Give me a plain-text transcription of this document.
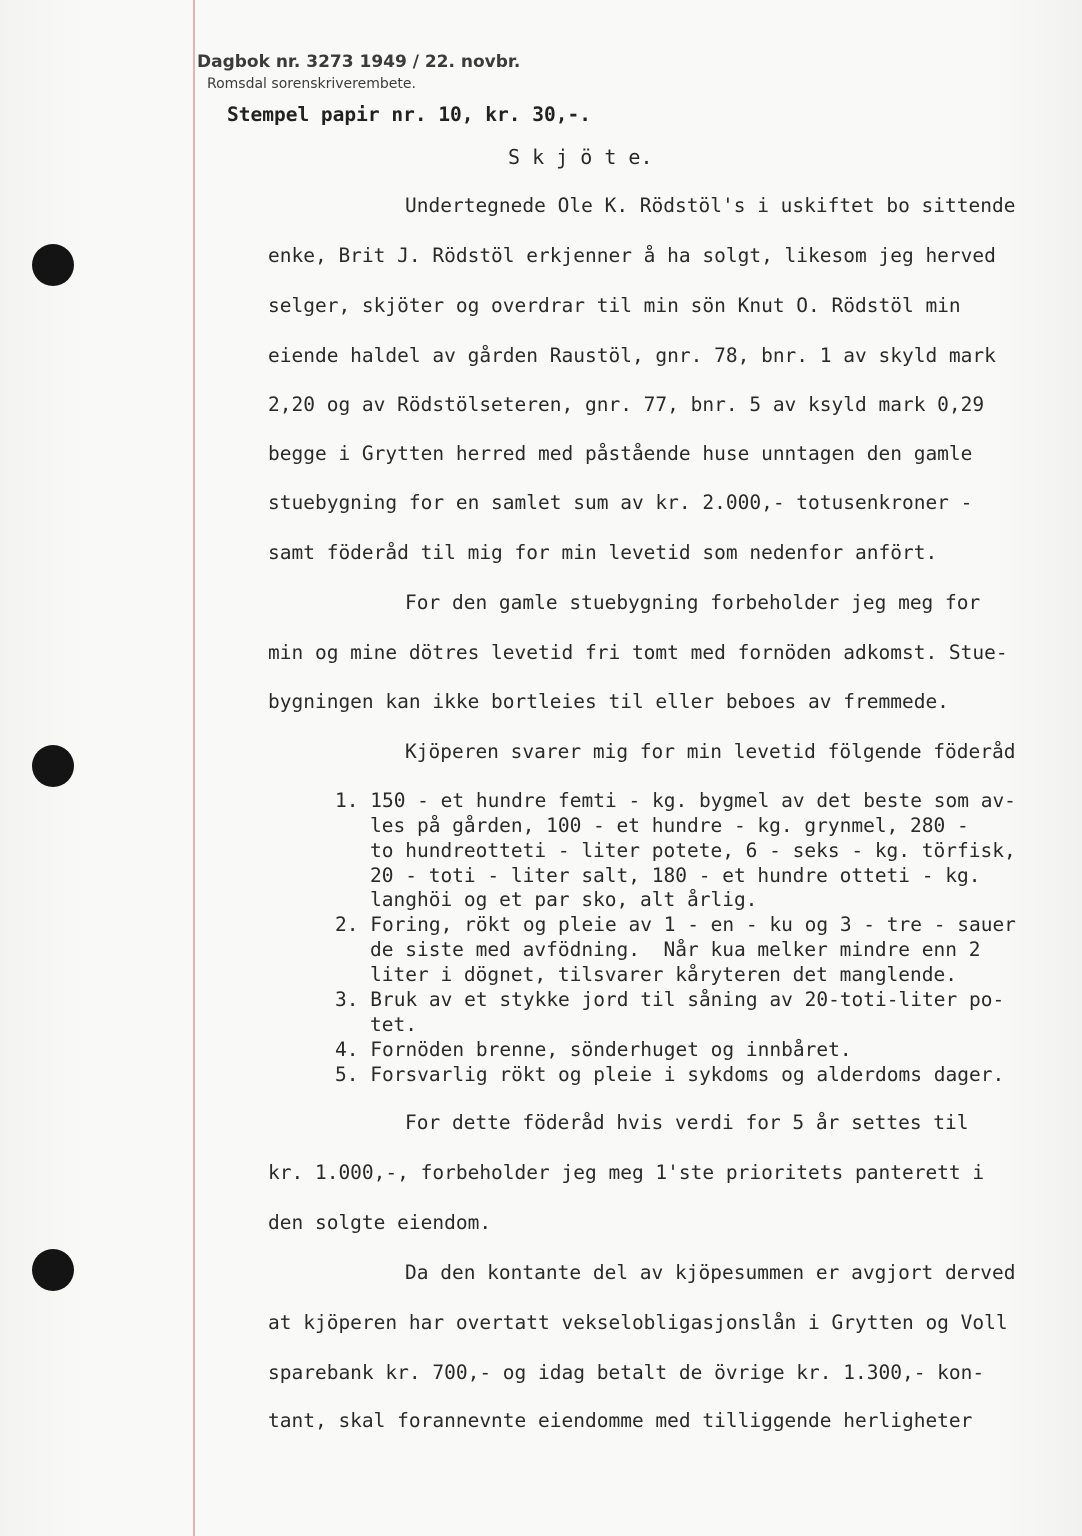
Dagbok nr. 3273 1949 / 22. novbr.
Romsdal sorenskriverembete.
Stempel papir nr. 10, kr. 30,-.
S k j ö t e.
Undertegnede Ole K. Rödstöl's i uskiftet bo sittende
enke, Brit J. Rödstöl erkjenner å ha solgt, likesom jeg herved
selger, skjöter og overdrar til min sön Knut O. Rödstöl min
eiende haldel av gården Raustöl, gnr. 78, bnr. 1 av skyld mark
2,20 og av Rödstölseteren, gnr. 77, bnr. 5 av ksyld mark 0,29
begge i Grytten herred med påstående huse unntagen den gamle
stuebygning for en samlet sum av kr. 2.000,- totusenkroner -
samt föderåd til mig for min levetid som nedenfor anfört.
For den gamle stuebygning forbeholder jeg meg for
min og mine dötres levetid fri tomt med fornöden adkomst. Stue-
bygningen kan ikke bortleies til eller beboes av fremmede.
Kjöperen svarer mig for min levetid fölgende föderåd
1. 150 - et hundre femti - kg. bygmel av det beste som av-
les på gården, 100 - et hundre - kg. grynmel, 280 -
to hundreotteti - liter potete, 6 - seks - kg. törfisk,
20 - toti - liter salt, 180 - et hundre otteti - kg.
langhöi og et par sko, alt årlig.
2. Foring, rökt og pleie av 1 - en - ku og 3 - tre - sauer
de siste med avfödning.  Når kua melker mindre enn 2
liter i dögnet, tilsvarer kåryteren det manglende.
3. Bruk av et stykke jord til såning av 20-toti-liter po-
tet.
4. Fornöden brenne, sönderhuget og innbåret.
5. Forsvarlig rökt og pleie i sykdoms og alderdoms dager.
For dette föderåd hvis verdi for 5 år settes til
kr. 1.000,-, forbeholder jeg meg 1'ste prioritets panterett i
den solgte eiendom.
Da den kontante del av kjöpesummen er avgjort derved
at kjöperen har overtatt vekselobligasjonslån i Grytten og Voll
sparebank kr. 700,- og idag betalt de övrige kr. 1.300,- kon-
tant, skal forannevnte eiendomme med tilliggende herligheter
